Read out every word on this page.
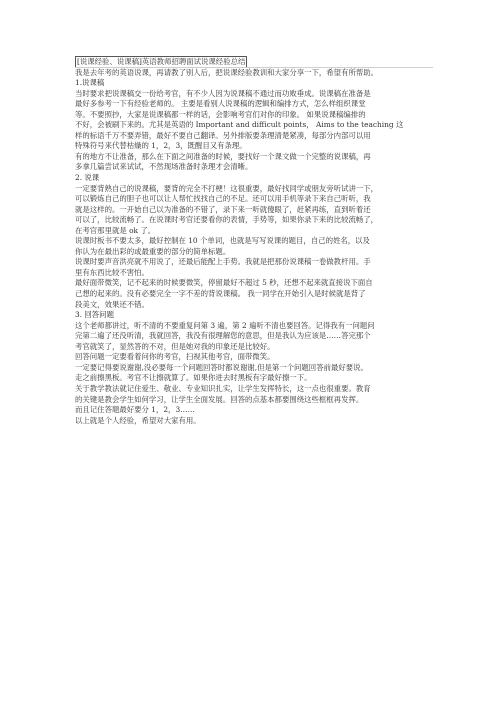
[说课经验、说课稿]英语教师招聘面试说课经验总结
我是去年考的英语说课，再请教了别人后，把说课经验教训和大家分享一下，希望有所帮助。
1.说课稿
当时要求把说课稿交一份给考官，有不少人因为说课稿不通过而功败垂成。说课稿在准备是
最好多参考一下有经验老师的。 主要是看别人说课稿的逻辑和编排方式，怎么样组织课堂
等。不要照抄，大家是说课稿都一样的话，会影响考官们对你的印象。 如果说课稿编排的
不好，会被刷下来的。尤其是英语的 Important and difficult points， Aims to the teaching 这
样的标语千万不要弄错，最好不要自己翻译。另外排版要条理清楚紧凑，每部分内部可以用
特殊符号来代替枯燥的 1，2，3，既醒目又有条理。
有的地方不让准备，那么在下面之间准备的时候，要找好一个课文做一个完整的说课稿，再
多拿几篇尝试来试试，不然现场准备时条理才会清晰。
2. 说课
一定要背熟自己的说课稿，要背的完全不打梗！这很重要，最好找同学或朋友旁听试讲一下，
可以锻炼自己的胆子也可以让人帮忙找找自己的不足。还可以用手机等录下来自己听听，我
就是这样的。一开始自己以为准备的不错了，录下来一听就傻眼了，赶紧再练，直到听着还
可以了，比较流畅了。在说课时考官还要看你的表情，手势等，如果你录下来的比较流畅了，
在考官那里就是 ok 了。
说课时板书不要太多，最好控制在 10 个单词，也就是写写说课的题目，自己的姓名，以及
你认为在最出彩的或最重要的部分的简单标题。
说课时要声音洪亮就不用说了，还最后能配上手势。我就是把那份说课稿一卷做教杆用。手
里有东西比较不害怕。
最好面带微笑，记不起来的时候要微笑，停留最好不超过 5 秒，还想不起来就直接说下面自
己想的起来的。没有必要完全一字不差的背说课稿。 我一同学在开始引入是时候就是背了
段美文，效果还不错。
3. 回答问题
这个老师都讲过，听不清的不要重复问第 3 遍，第 2 遍听不清也要回答。记得我有一问题问
完第二遍了还没听清，我就回答，我没有很理解您的意思，但是我认为应该是……答完那个
考官就笑了，显然答的不对，但是她对我的印象还是比较好。
回答问题一定要看着问你的考官，扫视其他考官，面带微笑。
一定要记得要说谢谢,没必要每一个问题回答时都说谢谢,但是第一个问题回答前最好要说。
走之前擦黑板。考官不让擦就算了。如果你进去时黑板有字最好擦一下。
关于教学教法就记住爱生、敬业、专业知识扎实，让学生发挥特长，这一点也很重要。教育
的关键是教会学生如何学习，让学生全面发展。回答的点基本都要围绕这些框框再发挥。
而且记住答题最好要分 1，2，3……
以上就是个人经验，希望对大家有用。
